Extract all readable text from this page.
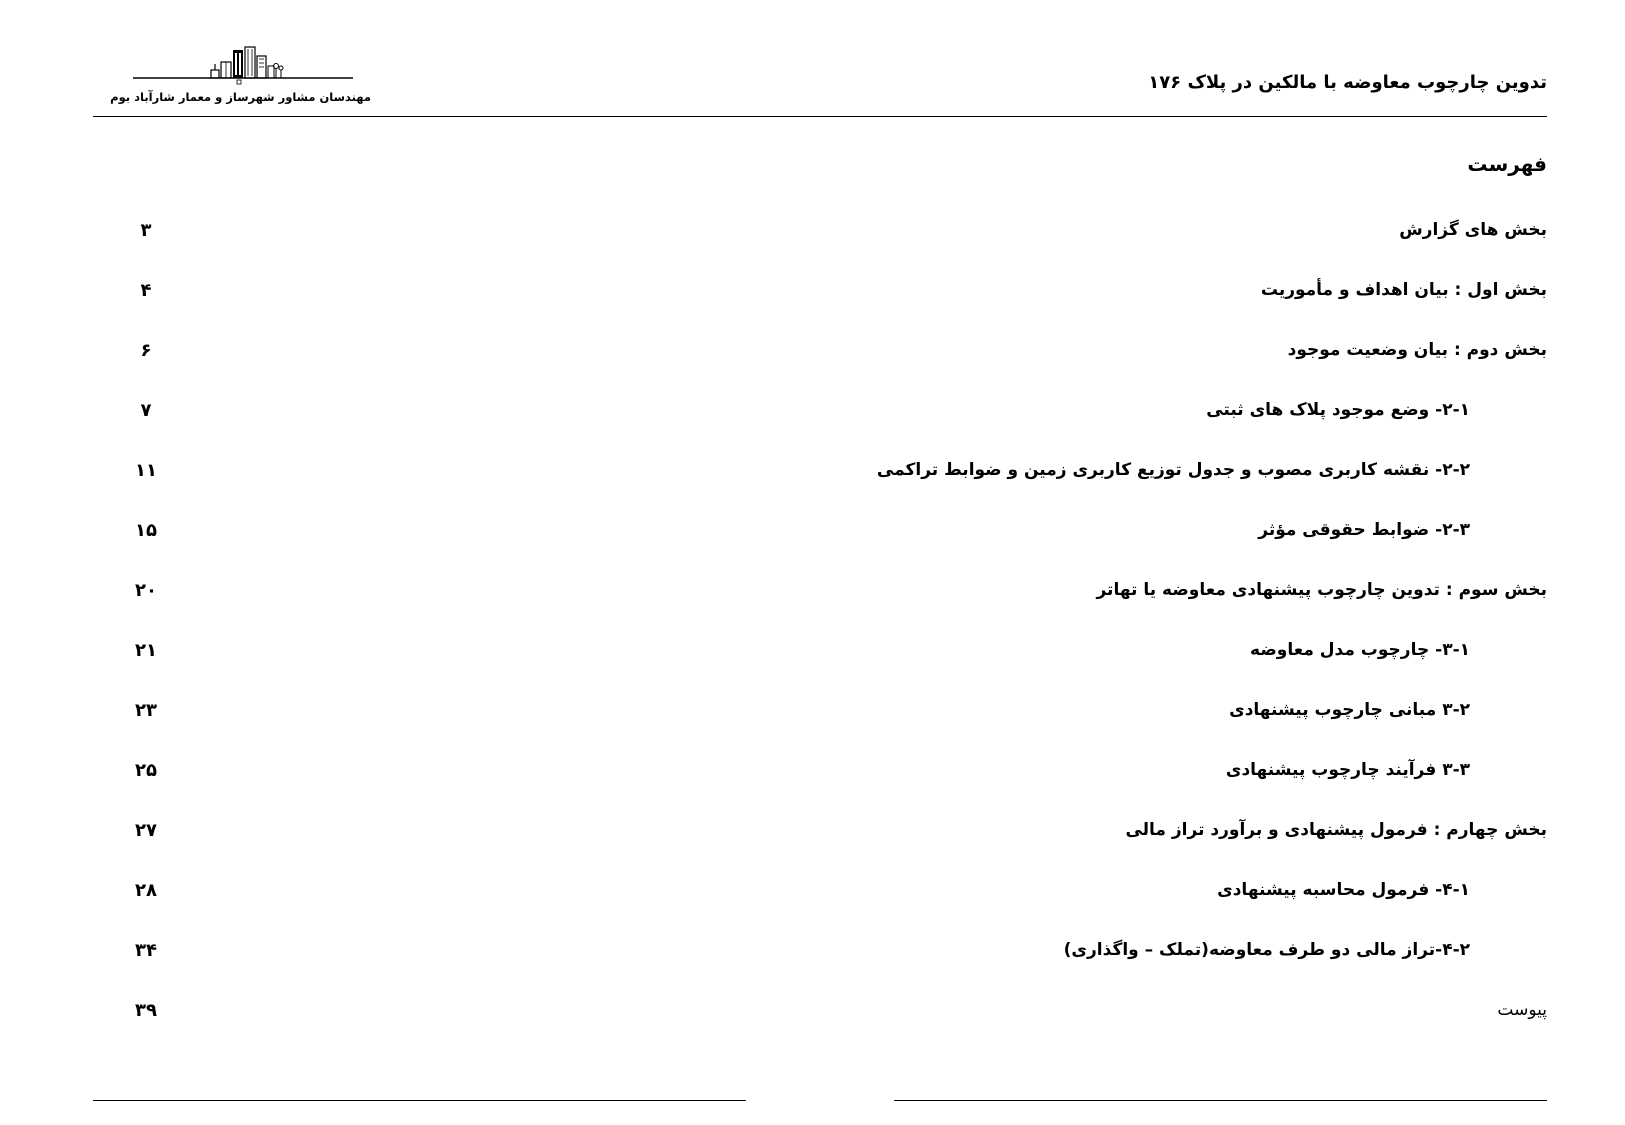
مهندسان مشاور شهرساز و معمار شارآباد بوم
تدوین چارچوب معاوضه با مالکین در پلاک ۱۷۶
فهرست
بخش های گزارش
۳
بخش اول : بیان اهداف و مأموریت
۴
بخش دوم : بیان وضعیت موجود
۶
۲-۱- وضع موجود پلاک های ثبتی
۷
۲-۲- نقشه کاربری مصوب و جدول توزیع کاربری زمین و ضوابط تراکمی
۱۱
۲-۳- ضوابط حقوقی مؤثر
۱۵
بخش سوم : تدوین چارچوب پیشنهادی معاوضه یا تهاتر
۲۰
۳-۱- چارچوب مدل معاوضه
۲۱
۳-۲ مبانی چارچوب پیشنهادی
۲۳
۳-۳ فرآیند چارچوب پیشنهادی
۲۵
بخش چهارم : فرمول پیشنهادی و برآورد تراز مالی
۲۷
۴-۱- فرمول محاسبه پیشنهادی
۲۸
۴-۲-تراز مالی دو طرف معاوضه(تملک – واگذاری)
۳۴
پیوست
۳۹
